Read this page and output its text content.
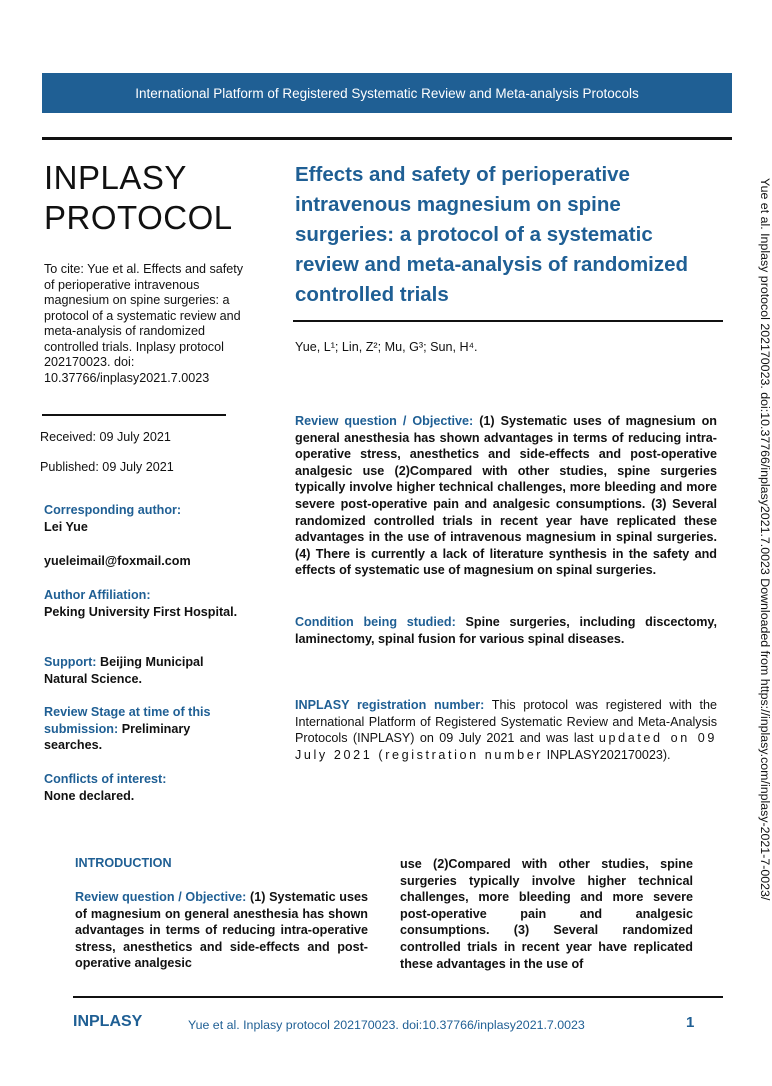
International Platform of Registered Systematic Review and Meta-analysis Protocols
INPLASY
PROTOCOL
To cite: Yue et al. Effects and safety of perioperative intravenous magnesium on spine surgeries: a protocol of a systematic review and meta-analysis of randomized controlled trials. Inplasy protocol 202170023. doi: 10.37766/inplasy2021.7.0023
Received: 09 July 2021
Published: 09 July 2021
Corresponding author:
Lei Yue
yueleimail@foxmail.com
Author Affiliation:
Peking University First Hospital.
Support: Beijing Municipal Natural Science.
Review Stage at time of this submission: Preliminary searches.
Conflicts of interest:
None declared.
Effects and safety of perioperative intravenous magnesium on spine surgeries: a protocol of a systematic review and meta-analysis of randomized controlled trials
Yue, L¹; Lin, Z²; Mu, G³; Sun, H⁴.
Review question / Objective: (1) Systematic uses of magnesium on general anesthesia has shown advantages in terms of reducing intra-operative stress, anesthetics and side-effects and post-operative analgesic use (2)Compared with other studies, spine surgeries typically involve higher technical challenges, more bleeding and more severe post-operative pain and analgesic consumptions. (3) Several randomized controlled trials in recent year have replicated these advantages in the use of intravenous magnesium in spinal surgeries. (4) There is currently a lack of literature synthesis in the safety and effects of systematic use of magnesium on spinal surgeries.
Condition being studied: Spine surgeries, including discectomy, laminectomy, spinal fusion for various spinal diseases.
INPLASY registration number: This protocol was registered with the International Platform of Registered Systematic Review and Meta-Analysis Protocols (INPLASY) on 09 July 2021 and was last updated on 09 July 2021 (registration number INPLASY202170023).
INTRODUCTION
Review question / Objective: (1) Systematic uses of magnesium on general anesthesia has shown advantages in terms of reducing intra-operative stress, anesthetics and side-effects and post-operative analgesic
use (2)Compared with other studies, spine surgeries typically involve higher technical challenges, more bleeding and more severe post-operative pain and analgesic consumptions. (3) Several randomized controlled trials in recent year have replicated these advantages in the use of
Yue et al. Inplasy protocol 202170023. doi:10.37766/inplasy2021.7.0023 Downloaded from https://inplasy.com/inplasy-2021-7-0023/
INPLASY	Yue et al. Inplasy protocol 202170023. doi:10.37766/inplasy2021.7.0023	1
